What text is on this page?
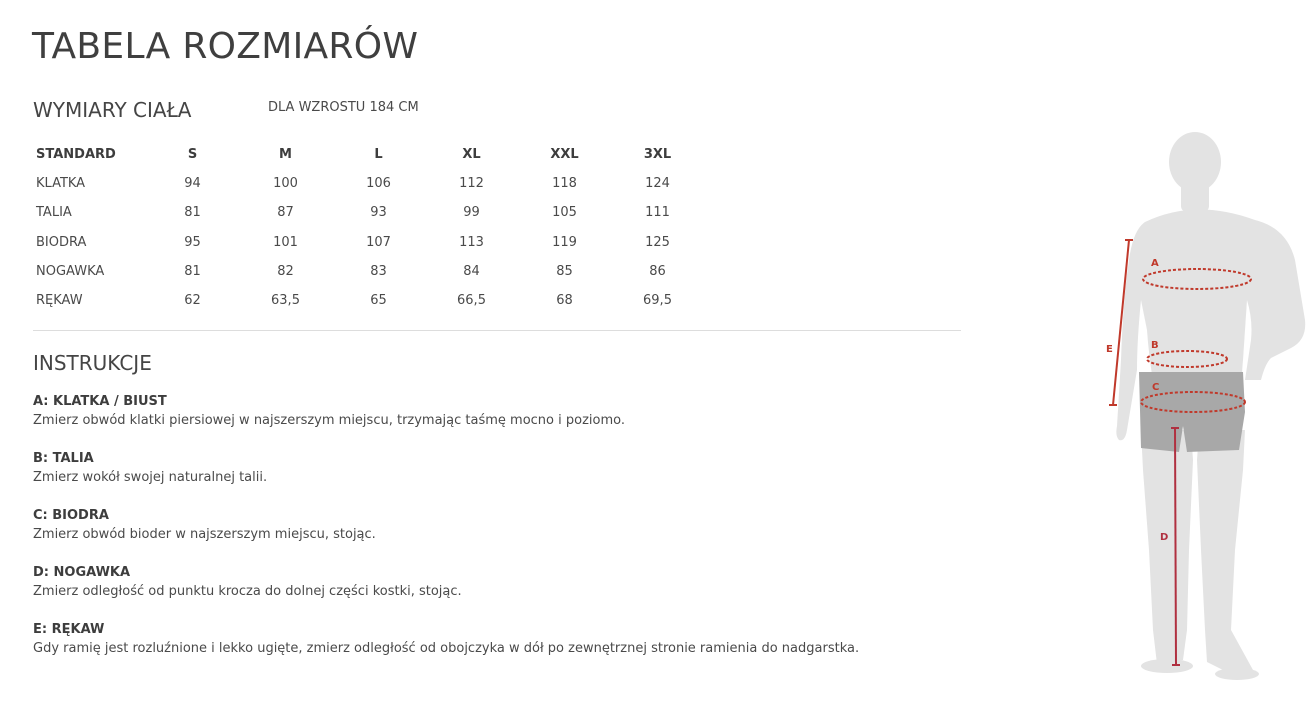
TABELA ROZMIARÓW
WYMIARY CIAŁA	DLA WZROSTU 184 CM
STANDARD	S	M	L	XL	XXL	3XL
KLATKA	94	100	106	112	118	124
TALIA	81	87	93	99	105	111
BIODRA	95	101	107	113	119	125
NOGAWKA	81	82	83	84	85	86
RĘKAW	62	63,5	65	66,5	68	69,5
INSTRUKCJE

A: KLATKA / BIUST

Zmierz obwód klatki piersiowej w najszerszym miejscu, trzymając taśmę mocno i poziomo.

B: TALIA

Zmierz wokół swojej naturalnej talii.

C: BIODRA

Zmierz obwód bioder w najszerszym miejscu, stojąc.

D: NOGAWKA

Zmierz odległość od punktu krocza do dolnej części kostki, stojąc.

E: RĘKAW

Gdy ramię jest rozluźnione i lekko ugięte, zmierz odległość od obojczyka w dół po zewnętrznej stronie ramienia do nadgarstka.

A
B
C
D
E
